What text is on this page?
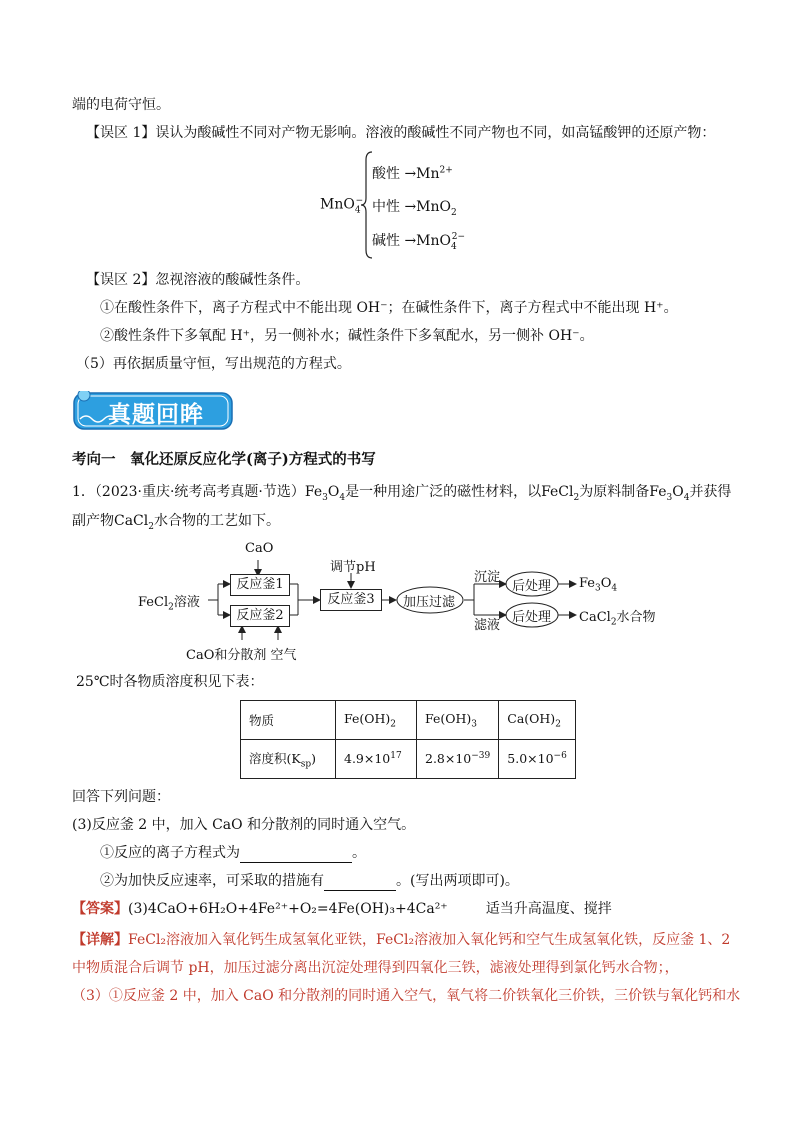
端的电荷守恒。
【误区 1】误认为酸碱性不同对产物无影响。溶液的酸碱性不同产物也不同，如高锰酸钾的还原产物：
MnO$_4$−
酸性 $\to Mn^{2+}$
中性 →MnO$_2$
碱性 →MnO$_4^{2-}$
【误区 2】忽视溶液的酸碱性条件。
①在酸性条件下，离子方程式中不能出现 OH⁻；在碱性条件下，离子方程式中不能出现 H⁺。
②酸性条件下多氧配 H⁺，另一侧补水；碱性条件下多氧配水，另一侧补 OH⁻。
（5）再依据质量守恒，写出规范的方程式。
真题回眸
考向一　氧化还原反应化学(离子)方程式的书写
1．（2023·重庆·统考高考真题·节选）$Fe_3O_4$是一种用途广泛的磁性材料，以FeCl$_2$为原料制备$Fe_3O_4$并获得
副产物CaCl$_2$水合物的工艺如下。
CaO
FeCl$_2$溶液
反应釜1
反应釜2
调节pH
反应釜3	加压过滤
沉淀
滤液
后处理
后处理
$Fe_3O_4$
CaCl$_2$水合物
CaO和分散剂 空气
25℃时各物质溶度积见下表：
物质	$Fe(OH)_2$	$Fe(OH)_3$	$Ca(OH)_2$
溶度积$(K_{sp})$	$4.9\times 10^{17}$	$2.8\times 10^{-39}$	$5.0\times 10^{-6}$
回答下列问题：
(3)反应釜 2 中，加入 CaO 和分散剂的同时通入空气。
①反应的离子方程式为	。
②为加快反应速率，可采取的措施有	。(写出两项即可)。
【答案】(3)4CaO+6H₂O+4Fe²⁺+O₂=4Fe(OH)₃+4Ca²⁺	适当升高温度、搅拌
【详解】FeCl₂溶液加入氧化钙生成氢氧化亚铁，FeCl₂溶液加入氧化钙和空气生成氢氧化铁，反应釜 1、2
中物质混合后调节 pH，加压过滤分离出沉淀处理得到四氧化三铁，滤液处理得到氯化钙水合物；，
（3）①反应釜 2 中，加入 CaO 和分散剂的同时通入空气，氧气将二价铁氧化三价铁，三价铁与氧化钙和水
